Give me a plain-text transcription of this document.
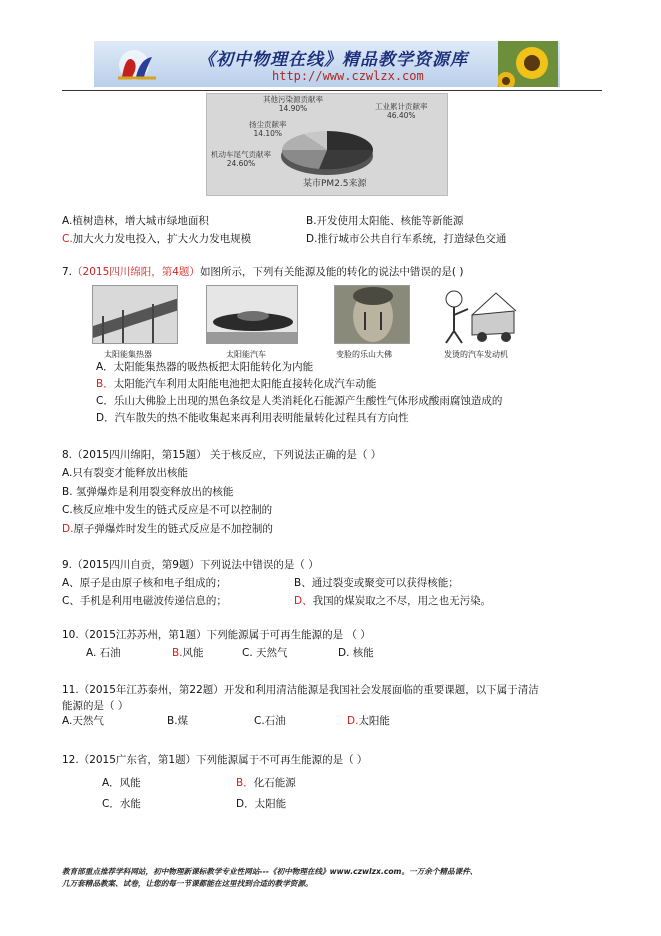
《初中物理在线》精品教学资源库
http://www.czwlzx.com
其他污染源贡献率
14.90%	工业累计贡献率
46.40%
扬尘贡献率
14.10%
机动车尾气贡献率
24.60%
某市PM2.5来源
A.植树造林，增大城市绿地面积	B.开发使用太阳能、核能等新能源
C.加大火力发电投入，扩大火力发电规模	D.推行城市公共自行车系统，打造绿色交通
7.（2015四川绵阳，第4题）如图所示，下列有关能源及能的转化的说法中错误的是( )
太阳能集热器	太阳能汽车	变脸的乐山大佛	发烫的汽车发动机
A．太阳能集热器的吸热板把太阳能转化为内能
B．太阳能汽车利用太阳能电池把太阳能直接转化成汽车动能
C．乐山大佛脸上出现的黑色条纹是人类消耗化石能源产生酸性气体形成酸雨腐蚀造成的
D．汽车散失的热不能收集起来再利用表明能量转化过程具有方向性
8.（2015四川绵阳，第15题） 关于核反应，下列说法正确的是（ ）
A.只有裂变才能释放出核能
B. 氢弹爆炸是利用裂变释放出的核能
C.核反应堆中发生的链式反应是不可以控制的
D.原子弹爆炸时发生的链式反应是不加控制的
9.（2015四川自贡，第9题）下列说法中错误的是（ ）
A、原子是由原子核和电子组成的；	B、通过裂变或聚变可以获得核能；
C、手机是利用电磁波传递信息的；	D、我国的煤炭取之不尽，用之也无污染。
10.（2015江苏苏州，第1题）下列能源属于可再生能源的是 （ ）
A. 石油	B.风能	C. 天然气	D. 核能
11.（2015年江苏泰州，第22题）开发和利用清洁能源是我国社会发展面临的重要课题，以下属于清洁
能源的是（ ）
A.天然气	B.煤	C.石油	D.太阳能
12.（2015广东省，第1题）下列能源属于不可再生能源的是（ ）
A．风能	B．化石能源
C．水能	D．太阳能
教育部重点推荐学科网站，初中物理新课标教学专业性网站---《初中物理在线》www.czwlzx.com。一万余个精品课件、
几万套精品教案、试卷，让您的每一节课都能在这里找到合适的教学资源。
